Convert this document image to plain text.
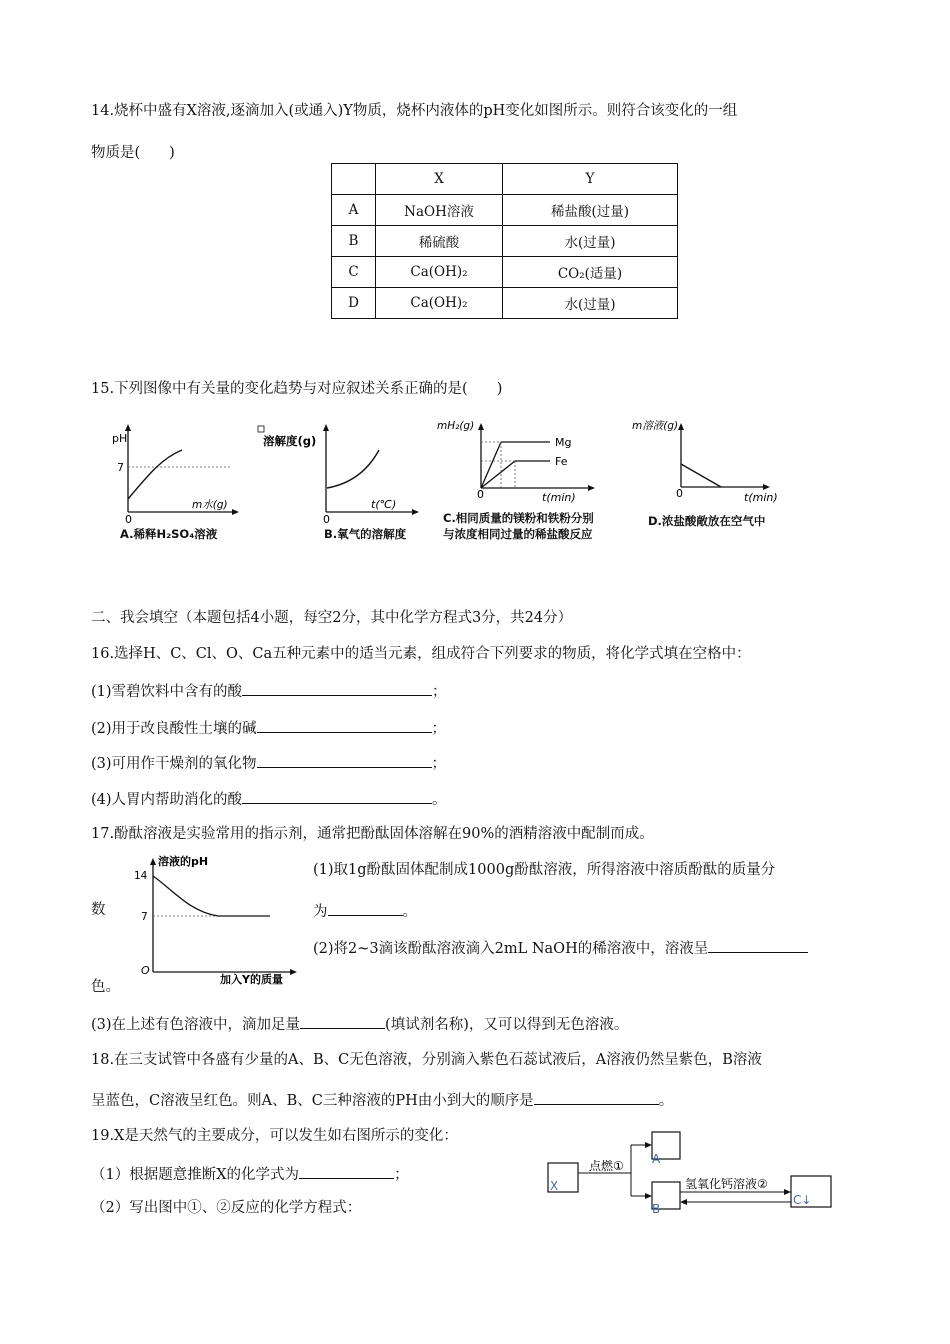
14.烧杯中盛有X溶液,逐滴加入(或通入)Y物质，烧杯内液体的pH变化如图所示。则符合该变化的一组
物质是(　　)
	X	Y
A	NaOH溶液	稀盐酸(过量)
B	稀硫酸	水(过量)
C	Ca(OH)₂	CO₂(适量)
D	Ca(OH)₂	水(过量)
15.下列图像中有关量的变化趋势与对应叙述关系正确的是(　　)
pH
7
0
m水(g)
A.稀释H₂SO₄溶液
溶解度(g)
0
t(℃)
B.氧气的溶解度
mH₂(g)
Mg
Fe
0	t(min)
C.相同质量的镁粉和铁粉分别
与浓度相同过量的稀盐酸反应
m溶液(g)
0	t(min)
D.浓盐酸敞放在空气中
二、我会填空（本题包括4小题，每空2分，其中化学方程式3分，共24分）
16.选择H、C、Cl、O、Ca五种元素中的适当元素，组成符合下列要求的物质，将化学式填在空格中：
(1)雪碧饮料中含有的酸	；
(2)用于改良酸性土壤的碱	；
(3)可用作干燥剂的氧化物	；
(4)人胃内帮助消化的酸	。
17.酚酞溶液是实验常用的指示剂，通常把酚酞固体溶解在90%的酒精溶液中配制而成。
溶液的pH
14
7
O
加入Y的质量
(1)取1g酚酞固体配制成1000g酚酞溶液，所得溶液中溶质酚酞的质量分
数	为	。
(2)将2~3滴该酚酞溶液滴入2mL NaOH的稀溶液中，溶液呈
色。
(3)在上述有色溶液中，滴加足量	(填试剂名称)，又可以得到无色溶液。
18.在三支试管中各盛有少量的A、B、C无色溶液，分别滴入紫色石蕊试液后，A溶液仍然呈紫色，B溶液
呈蓝色，C溶液呈红色。则A、B、C三种溶液的PH由小到大的顺序是	。
19.X是天然气的主要成分，可以发生如右图所示的变化：
（1）根据题意推断X的化学式为	；
（2）写出图中①、②反应的化学方程式：
X
A
B
C↓
点燃①
氢氧化钙溶液②
